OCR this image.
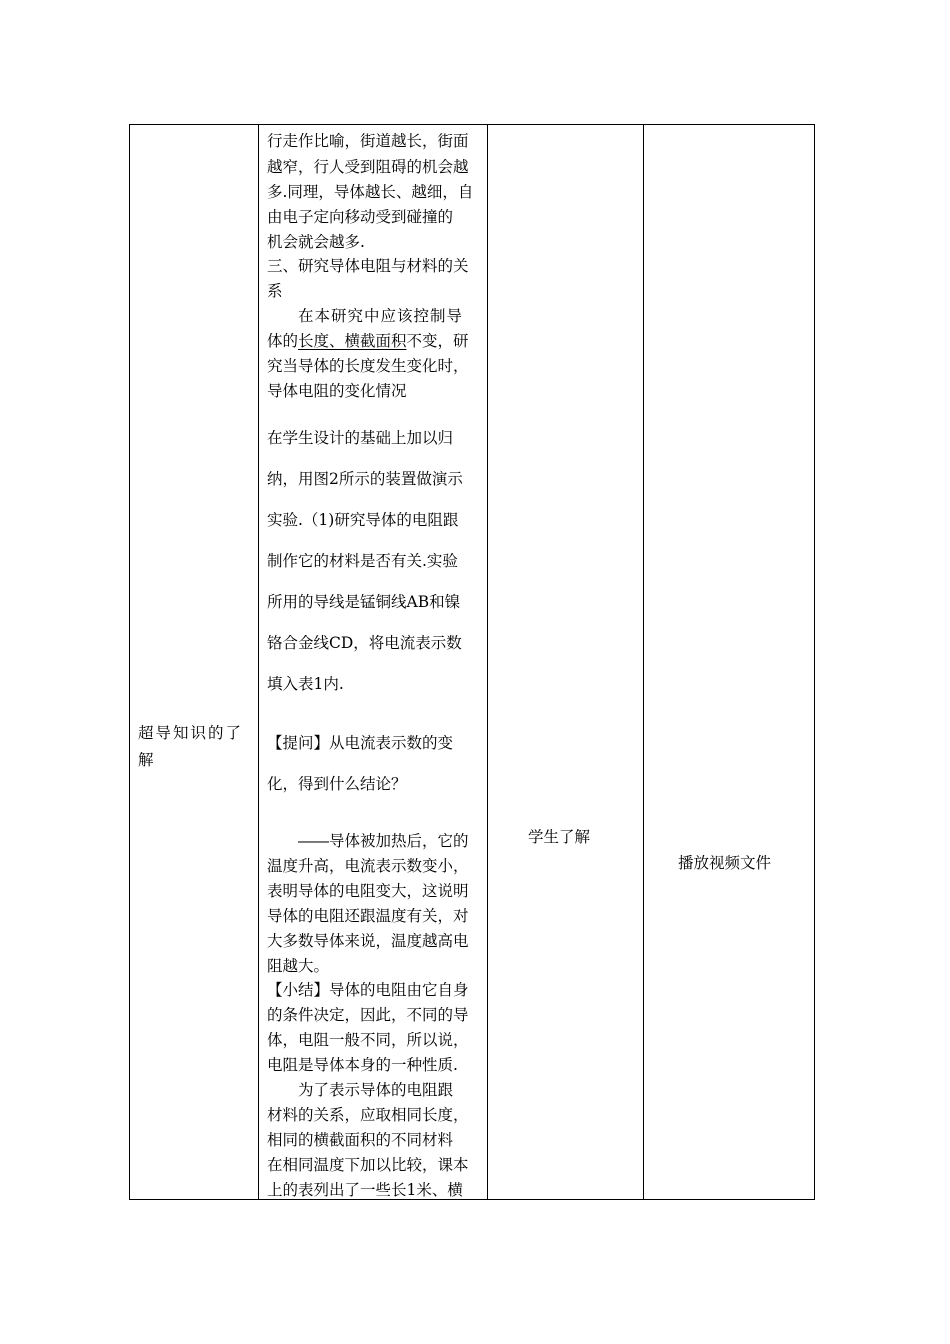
超导知识的了
解
行走作比喻，街道越长，街面
越窄，行人受到阻碍的机会越
多.同理，导体越长、越细，自
由电子定向移动受到碰撞的
机会就会越多.
三、研究导体电阻与材料的关
系
在本研究中应该控制导
体的长度、横截面积不变，研
究当导体的长度发生变化时，
导体电阻的变化情况
在学生设计的基础上加以归
纳，用图2所示的装置做演示
实验.（1)研究导体的电阻跟
制作它的材料是否有关.实验
所用的导线是锰铜线AB和镍
铬合金线CD，将电流表示数
填入表1内.
【提问】从电流表示数的变
化，得到什么结论？
――导体被加热后，它的
温度升高，电流表示数变小，
表明导体的电阻变大，这说明
导体的电阻还跟温度有关，对
大多数导体来说，温度越高电
阻越大。
【小结】导体的电阻由它自身
的条件决定，因此，不同的导
体，电阻一般不同，所以说，
电阻是导体本身的一种性质.
为了表示导体的电阻跟
材料的关系，应取相同长度，
相同的横截面积的不同材料
在相同温度下加以比较，课本
上的表列出了一些长1米、横
学生了解
播放视频文件
